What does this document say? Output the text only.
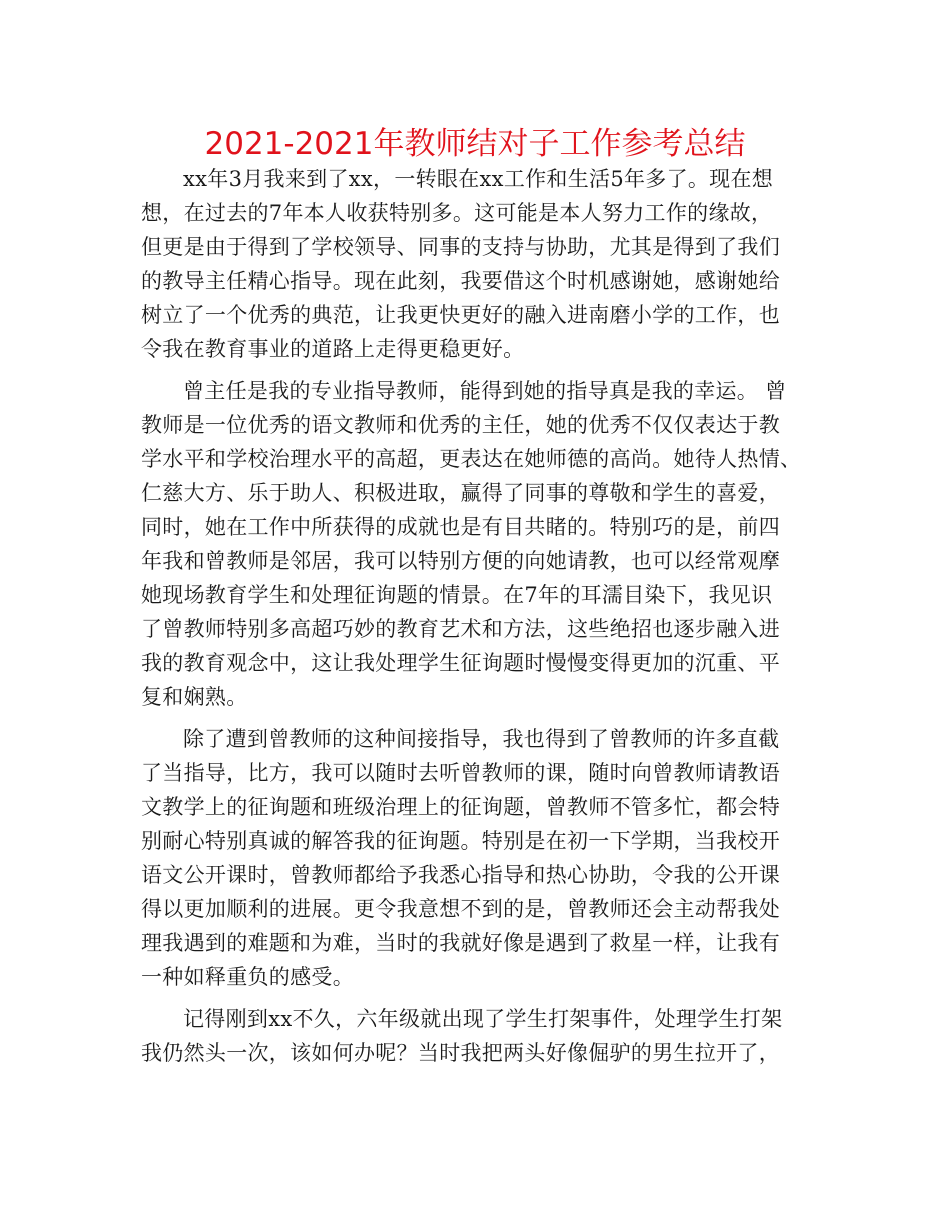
2021-2021年教师结对子工作参考总结
xx年3月我来到了xx，一转眼在xx工作和生活5年多了。现在想
想，在过去的7年本人收获特别多。这可能是本人努力工作的缘故，
但更是由于得到了学校领导、同事的支持与协助，尤其是得到了我们
的教导主任精心指导。现在此刻，我要借这个时机感谢她，感谢她给
树立了一个优秀的典范，让我更快更好的融入进南磨小学的工作，也
令我在教育事业的道路上走得更稳更好。
曾主任是我的专业指导教师，能得到她的指导真是我的幸运。 曾
教师是一位优秀的语文教师和优秀的主任，她的优秀不仅仅表达于教
学水平和学校治理水平的高超，更表达在她师德的高尚。她待人热情、
仁慈大方、乐于助人、积极进取，赢得了同事的尊敬和学生的喜爱，
同时，她在工作中所获得的成就也是有目共睹的。特别巧的是，前四
年我和曾教师是邻居，我可以特别方便的向她请教，也可以经常观摩
她现场教育学生和处理征询题的情景。在7年的耳濡目染下，我见识
了曾教师特别多高超巧妙的教育艺术和方法，这些绝招也逐步融入进
我的教育观念中，这让我处理学生征询题时慢慢变得更加的沉重、平
复和娴熟。
除了遭到曾教师的这种间接指导，我也得到了曾教师的许多直截
了当指导，比方，我可以随时去听曾教师的课，随时向曾教师请教语
文教学上的征询题和班级治理上的征询题，曾教师不管多忙，都会特
别耐心特别真诚的解答我的征询题。特别是在初一下学期，当我校开
语文公开课时，曾教师都给予我悉心指导和热心协助，令我的公开课
得以更加顺利的进展。更令我意想不到的是，曾教师还会主动帮我处
理我遇到的难题和为难，当时的我就好像是遇到了救星一样，让我有
一种如释重负的感受。
记得刚到xx不久，六年级就出现了学生打架事件，处理学生打架
我仍然头一次，该如何办呢？当时我把两头好像倔驴的男生拉开了，
